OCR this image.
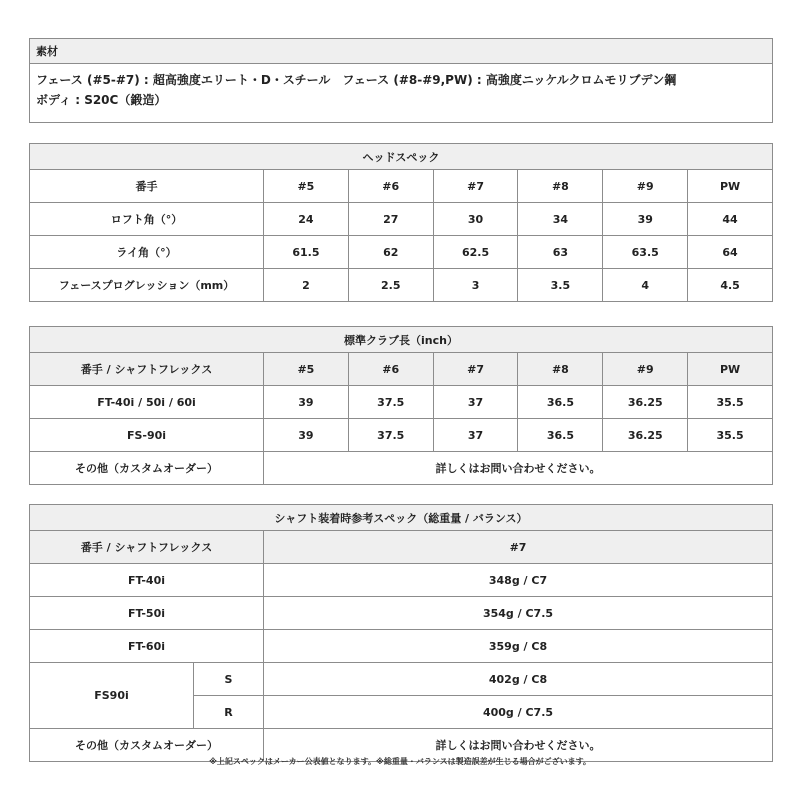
素材

フェース (#5-#7) : 超高強度エリート・D・スチール　フェース (#8-#9,PW) : 高強度ニッケルクロムモリブデン鋼
ボディ : S20C（鍛造）
ヘッドスペック						
番手	#5	#6	#7	#8	#9	PW
ロフト角（°）	24	27	30	34	39	44
ライ角（°）	61.5	62	62.5	63	63.5	64
フェースプログレッション（mm）	2	2.5	3	3.5	4	4.5
標準クラブ長（inch）						
番手 / シャフトフレックス	#5	#6	#7	#8	#9	PW
FT-40i / 50i / 60i	39	37.5	37	36.5	36.25	35.5
FS-90i	39	37.5	37	36.5	36.25	35.5
その他（カスタムオーダー）	詳しくはお問い合わせください。					
シャフト装着時参考スペック（総重量 / バランス）		
番手 / シャフトフレックス		#7
FT-40i		348g / C7
FT-50i		354g / C7.5
FT-60i		359g / C8
FS90i	S	402g / C8
	R	400g / C7.5
その他（カスタムオーダー）		詳しくはお問い合わせください。
※上記スペックはメーカー公表値となります。※総重量・バランスは製造誤差が生じる場合がございます。
